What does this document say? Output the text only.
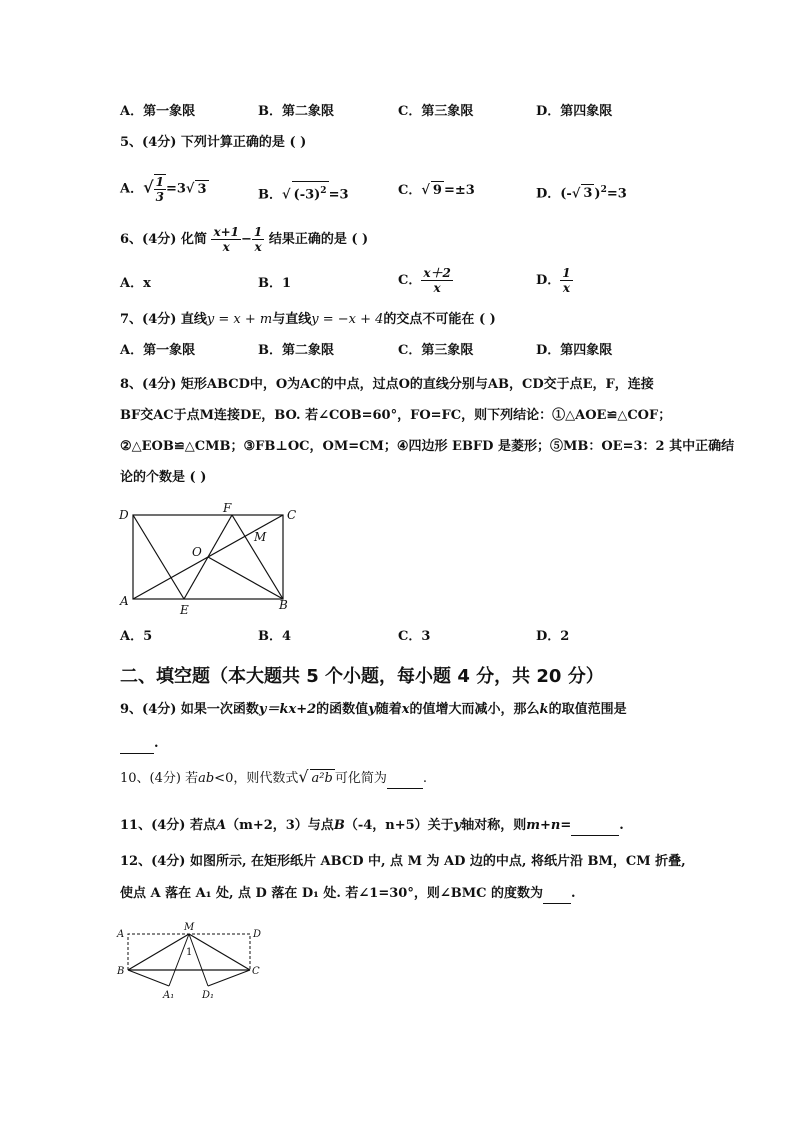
A．第一象限	B．第二象限	C．第三象限	D．第四象限
5、(4分) 下列计算正确的是 ( )
A．√ $\frac{1}{3} =3√$ 3	B．√ $(-3)^2 =3$	C．√ 9 =±3	D．(-√ 3 )$^2$=3
6、(4分) 化简 $\frac{x+1}{x} - \frac{1}{x}$ 结果正确的是 ( )
A．x	B．1	C． $\frac{x+2}{x}$	D． $\frac{1}{x}$
7、(4分) 直线y = x + m与直线y = −x + 4的交点不可能在 ( )
A．第一象限	B．第二象限	C．第三象限	D．第四象限
8、(4分) 矩形ABCD中，O为AC的中点，过点O的直线分别与AB，CD交于点E，F，连接
BF交AC于点M连接DE，BO. 若∠COB=60°，FO=FC，则下列结论：①△AOE≌△COF；
②△EOB≌△CMB；③FB⊥OC，OM=CM；④四边形 EBFD 是菱形；⑤MB：OE=3：2 其中正确结
论的个数是 ( )
D	F	C
O
M
A
E	B
A．5	B．4	C．3	D．2
二、填空题（本大题共 5 个小题，每小题 4 分，共 20 分）
9、(4分) 如果一次函数y＝kx+2的函数值y随着x的值增大而减小，那么k的取值范围是
.
10、(4分) 若ab<0，则代数式√ a²b 可化简为	.
11、(4分) 若点A（m+2，3）与点B（-4，n+5）关于y轴对称，则m+n=	.
12、(4分) 如图所示, 在矩形纸片 ABCD 中, 点 M 为 AD 边的中点, 将纸片沿 BM，CM 折叠,
使点 A 落在 A₁ 处, 点 D 落在 D₁ 处. 若∠1=30°，则∠BMC 的度数为 .
A
M
D
1
B	C
A₁	D₁
